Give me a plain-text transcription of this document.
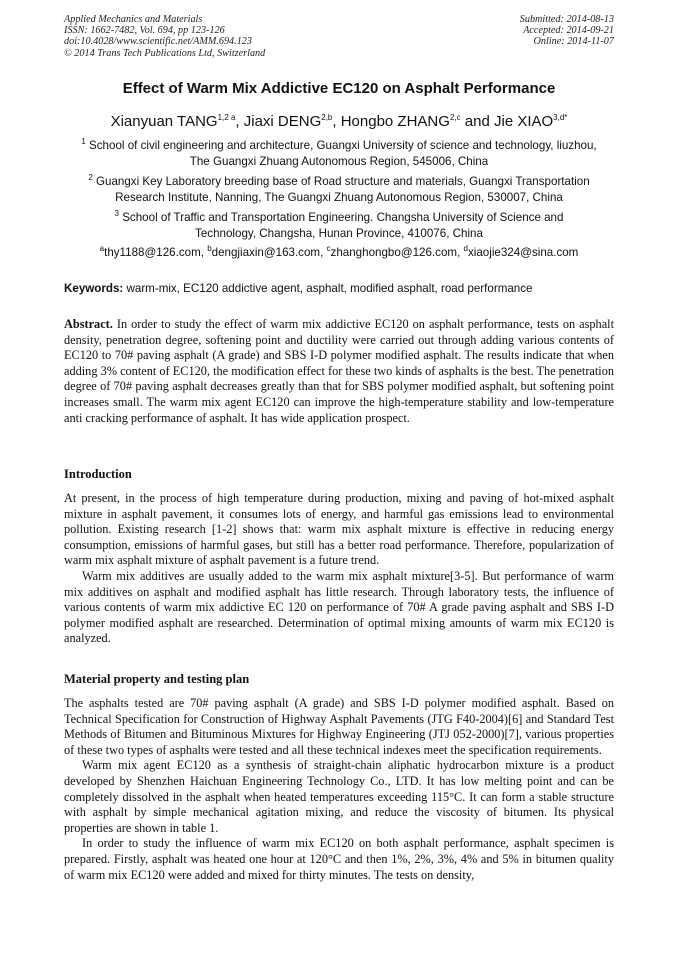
Applied Mechanics and Materials
ISSN: 1662-7482, Vol. 694, pp 123-126
doi:10.4028/www.scientific.net/AMM.694.123
© 2014 Trans Tech Publications Ltd, Switzerland
Submitted: 2014-08-13
Accepted: 2014-09-21
Online: 2014-11-07
Effect of Warm Mix Addictive EC120 on Asphalt Performance
Xianyuan $TANG^{1,2 a}$, Jiaxi DENG$^{2,b}$, Hongbo ZHANG$^{2,c}$ and Jie $XIAO^{3,d*}$
$^1$ School of civil engineering and architecture, Guangxi University of science and technology, liuzhou,
The Guangxi Zhuang Autonomous Region, 545006, China
$^2$ Guangxi Key Laboratory breeding base of Road structure and materials, Guangxi Transportation
Research Institute, Nanning, The Guangxi Zhuang Autonomous Region, 530007, China
$^3$ School of Traffic and Transportation Engineering. Changsha University of Science and
Technology, Changsha, Hunan Province, 410076, China
$^a$thy1188@126.com, $^b$dengjiaxin@163.com, $^c$zhanghongbo@126.com, $^d$xiaojie324@sina.com
Keywords: warm-mix, EC120 addictive agent, asphalt, modified asphalt, road performance
Abstract. In order to study the effect of warm mix addictive EC120 on asphalt performance, tests on asphalt density, penetration degree, softening point and ductility were carried out through adding various contents of EC120 to 70# paving asphalt (A grade) and SBS I-D polymer modified asphalt. The results indicate that when adding 3% content of EC120, the modification effect for these two kinds of asphalts is the best. The penetration degree of 70# paving asphalt decreases greatly than that for SBS polymer modified asphalt, but softening point increases small. The warm mix agent EC120 can improve the high-temperature stability and low-temperature anti cracking performance of asphalt. It has wide application prospect.
Introduction

At present, in the process of high temperature during production, mixing and paving of hot-mixed asphalt mixture in asphalt pavement, it consumes lots of energy, and harmful gas emissions lead to environmental pollution. Existing research [1-2] shows that: warm mix asphalt mixture is effective in reducing energy consumption, emissions of harmful gases, but still has a better road performance. Therefore, popularization of warm mix asphalt mixture of asphalt pavement is a future trend.

Warm mix additives are usually added to the warm mix asphalt mixture[3-5]. But performance of warm mix additives on asphalt and modified asphalt has little research. Through laboratory tests, the influence of various contents of warm mix addictive EC 120 on performance of 70# A grade paving asphalt and SBS I-D polymer modified asphalt are researched. Determination of optimal mixing amounts of warm mix EC120 is analyzed.

Material property and testing plan

The asphalts tested are 70# paving asphalt (A grade) and SBS I-D polymer modified asphalt. Based on Technical Specification for Construction of Highway Asphalt Pavements (JTG F40-2004)[6] and Standard Test Methods of Bitumen and Bituminous Mixtures for Highway Engineering (JTJ 052-2000)[7], various properties of these two types of asphalts were tested and all these technical indexes meet the specification requirements.

Warm mix agent EC120 as a synthesis of straight-chain aliphatic hydrocarbon mixture is a product developed by Shenzhen Haichuan Engineering Technology Co., LTD. It has low melting point and can be completely dissolved in the asphalt when heated temperatures exceeding 115°C. It can form a stable structure with asphalt by simple mechanical agitation mixing, and reduce the viscosity of bitumen. Its physical properties are shown in table 1.

In order to study the influence of warm mix EC120 on both asphalt performance, asphalt specimen is prepared. Firstly, asphalt was heated one hour at 120°C and then 1%, 2%, 3%, 4% and 5% in bitumen quality of warm mix EC120 were added and mixed for thirty minutes. The tests on density,
